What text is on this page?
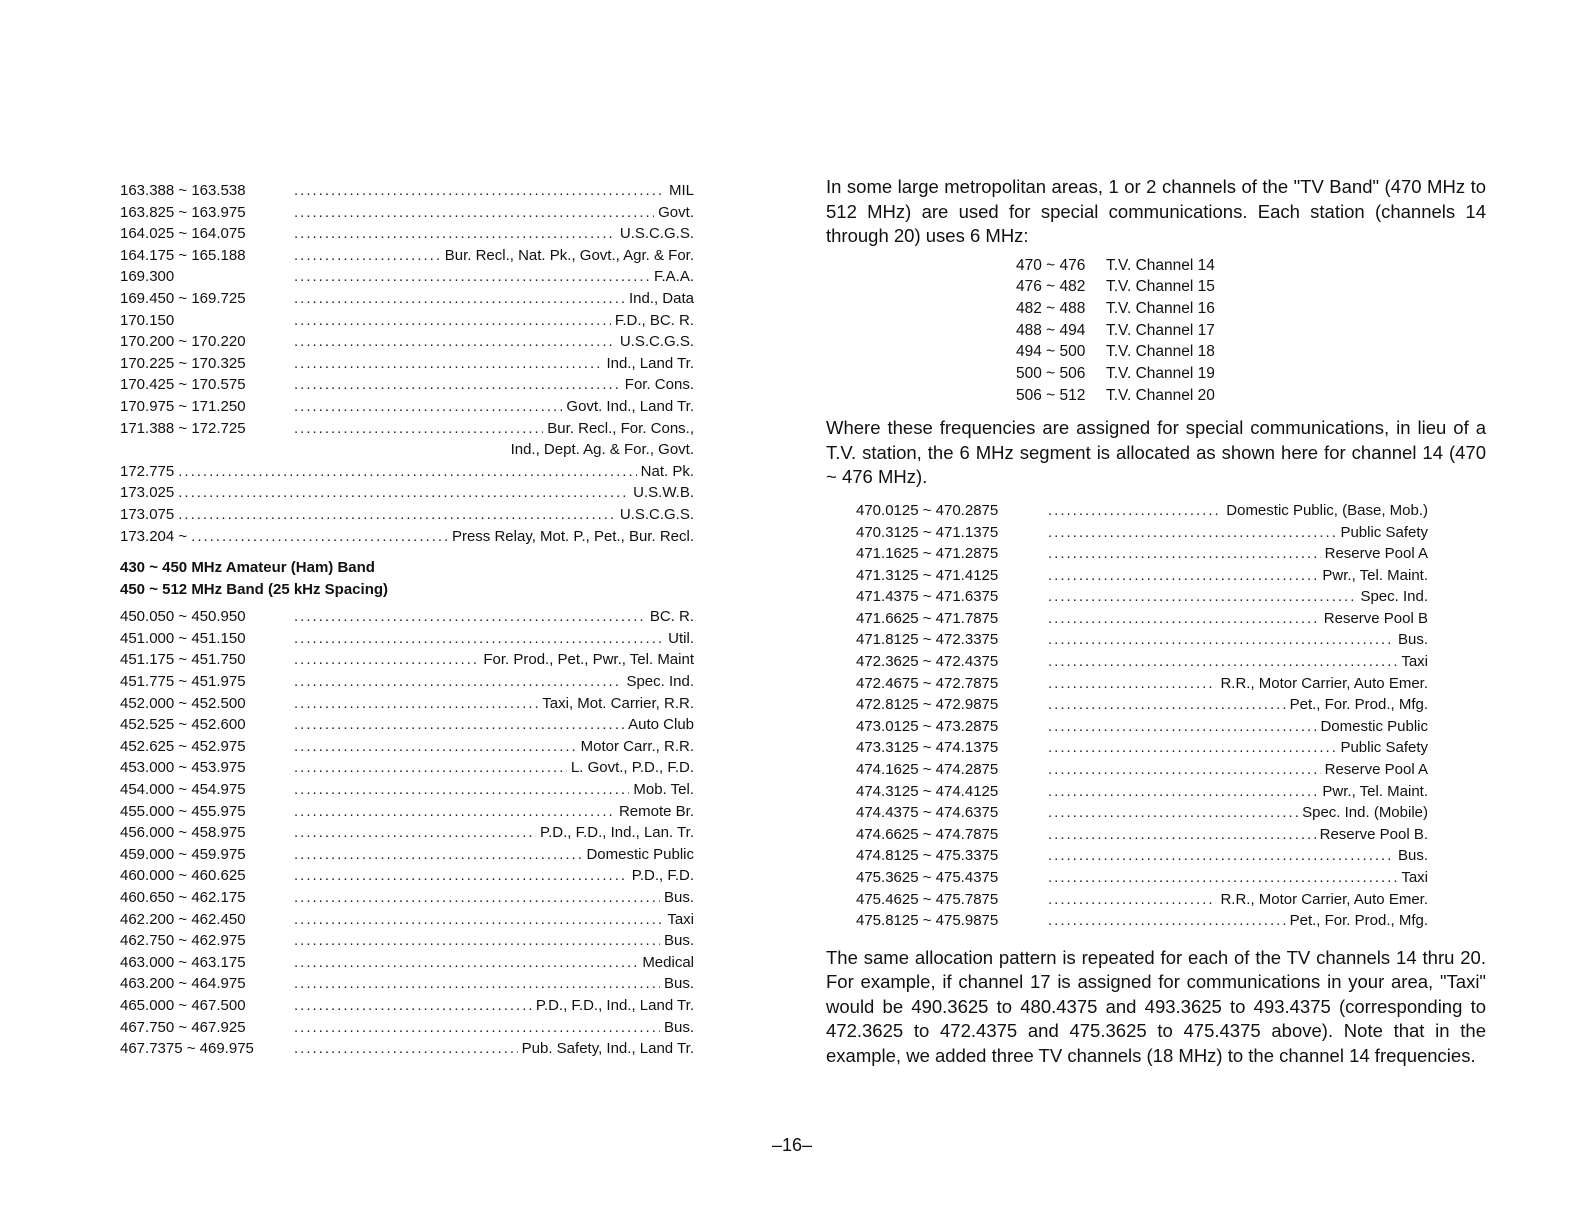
163.388 ~ 163.538 .....	MIL
163.825 ~ 163.975 .....	Govt.
164.025 ~ 164.075 .....	U.S.C.G.S.
164.175 ~ 165.188 .....	Bur. Recl., Nat. Pk., Govt., Agr. & For.
169.300 .....	F.A.A.
169.450 ~ 169.725 .....	Ind., Data
170.150 .....	F.D., BC. R.
170.200 ~ 170.220 .....	U.S.C.G.S.
170.225 ~ 170.325 .....	Ind., Land Tr.
170.425 ~ 170.575 .....	For. Cons.
170.975 ~ 171.250 .....	Govt. Ind., Land Tr.
171.388 ~ 172.725 .....	Bur. Recl., For. Cons.,
Ind., Dept. Ag. & For., Govt.
172.775 .....	Nat. Pk.
173.025 .....	U.S.W.B.
173.075 .....	U.S.C.G.S.
173.204 ~ .....	Press Relay, Mot. P., Pet., Bur. Recl.
430 ~ 450 MHz Amateur (Ham) Band
450 ~ 512 MHz Band (25 kHz Spacing)
450.050 ~ 450.950 .....	BC. R.
451.000 ~ 451.150 .....	Util.
451.175 ~ 451.750 .....	For. Prod., Pet., Pwr., Tel. Maint
451.775 ~ 451.975 .....	Spec. Ind.
452.000 ~ 452.500 .....	Taxi, Mot. Carrier, R.R.
452.525 ~ 452.600 .....	Auto Club
452.625 ~ 452.975 .....	Motor Carr., R.R.
453.000 ~ 453.975 .....	L. Govt., P.D., F.D.
454.000 ~ 454.975 .....	Mob. Tel.
455.000 ~ 455.975 .....	Remote Br.
456.000 ~ 458.975 .....	P.D., F.D., Ind., Lan. Tr.
459.000 ~ 459.975 .....	Domestic Public
460.000 ~ 460.625 .....	P.D., F.D.
460.650 ~ 462.175 .....	Bus.
462.200 ~ 462.450 .....	Taxi
462.750 ~ 462.975 .....	Bus.
463.000 ~ 463.175 .....	Medical
463.200 ~ 464.975 .....	Bus.
465.000 ~ 467.500 .....	P.D., F.D., Ind., Land Tr.
467.750 ~ 467.925 .....	Bus.
467.7375 ~ 469.975 .....	Pub. Safety, Ind., Land Tr.

In some large metropolitan areas, 1 or 2 channels of the "TV Band" (470 MHz to 512 MHz) are used for special communications. Each station (channels 14 through 20) uses 6 MHz:

470 ~ 476	T.V. Channel 14
476 ~ 482	T.V. Channel 15
482 ~ 488	T.V. Channel 16
488 ~ 494	T.V. Channel 17
494 ~ 500	T.V. Channel 18
500 ~ 506	T.V. Channel 19
506 ~ 512	T.V. Channel 20

Where these frequencies are assigned for special communications, in lieu of a T.V. station, the 6 MHz segment is allocated as shown here for channel 14 (470 ~ 476 MHz).

470.0125 ~ 470.2875 .....	Domestic Public, (Base, Mob.)
470.3125 ~ 471.1375 .....	Public Safety
471.1625 ~ 471.2875 .....	Reserve Pool A
471.3125 ~ 471.4125 .....	Pwr., Tel. Maint.
471.4375 ~ 471.6375 .....	Spec. Ind.
471.6625 ~ 471.7875 .....	Reserve Pool B
471.8125 ~ 472.3375 .....	Bus.
472.3625 ~ 472.4375 .....	Taxi
472.4675 ~ 472.7875 .....	R.R., Motor Carrier, Auto Emer.
472.8125 ~ 472.9875 .....	Pet., For. Prod., Mfg.
473.0125 ~ 473.2875 .....	Domestic Public
473.3125 ~ 474.1375 .....	Public Safety
474.1625 ~ 474.2875 .....	Reserve Pool A
474.3125 ~ 474.4125 .....	Pwr., Tel. Maint.
474.4375 ~ 474.6375 .....	Spec. Ind. (Mobile)
474.6625 ~ 474.7875 .....	Reserve Pool B.
474.8125 ~ 475.3375 .....	Bus.
475.3625 ~ 475.4375 .....	Taxi
475.4625 ~ 475.7875 .....	R.R., Motor Carrier, Auto Emer.
475.8125 ~ 475.9875 .....	Pet., For. Prod., Mfg.

The same allocation pattern is repeated for each of the TV channels 14 thru 20. For example, if channel 17 is assigned for communications in your area, "Taxi" would be 490.3625 to 480.4375 and 493.3625 to 493.4375 (corresponding to 472.3625 to 472.4375 and 475.3625 to 475.4375 above). Note that in the example, we added three TV channels (18 MHz) to the channel 14 frequencies.

–16–
